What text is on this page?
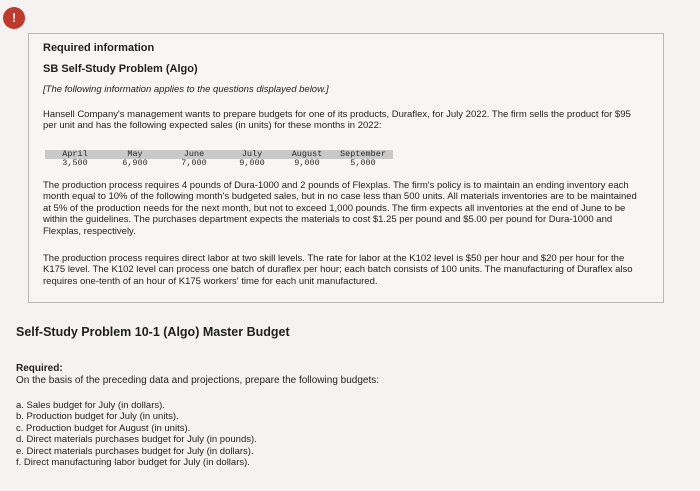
!
Required information
SB Self-Study Problem (Algo)
[The following information applies to the questions displayed below.]
Hansell Company's management wants to prepare budgets for one of its products, Duraflex, for July 2022. The firm sells the product for $95 per unit and has the following expected sales (in units) for these months in 2022:
April	May	June	July	August	September
3,500	6,900	7,000	9,000	9,000	5,000
The production process requires 4 pounds of Dura-1000 and 2 pounds of Flexplas. The firm's policy is to maintain an ending inventory each month equal to 10% of the following month's budgeted sales, but in no case less than 500 units. All materials inventories are to be maintained at 5% of the production needs for the next month, but not to exceed 1,000 pounds. The firm expects all inventories at the end of June to be within the guidelines. The purchases department expects the materials to cost $1.25 per pound and $5.00 per pound for Dura-1000 and Flexplas, respectively.
The production process requires direct labor at two skill levels. The rate for labor at the K102 level is $50 per hour and $20 per hour for the K175 level. The K102 level can process one batch of duraflex per hour; each batch consists of 100 units. The manufacturing of Duraflex also requires one-tenth of an hour of K175 workers' time for each unit manufactured.
Self-Study Problem 10-1 (Algo) Master Budget
Required:
On the basis of the preceding data and projections, prepare the following budgets:
a. Sales budget for July (in dollars).
b. Production budget for July (in units).
c. Production budget for August (in units).
d. Direct materials purchases budget for July (in pounds).
e. Direct materials purchases budget for July (in dollars).
f. Direct manufacturing labor budget for July (in dollars).
